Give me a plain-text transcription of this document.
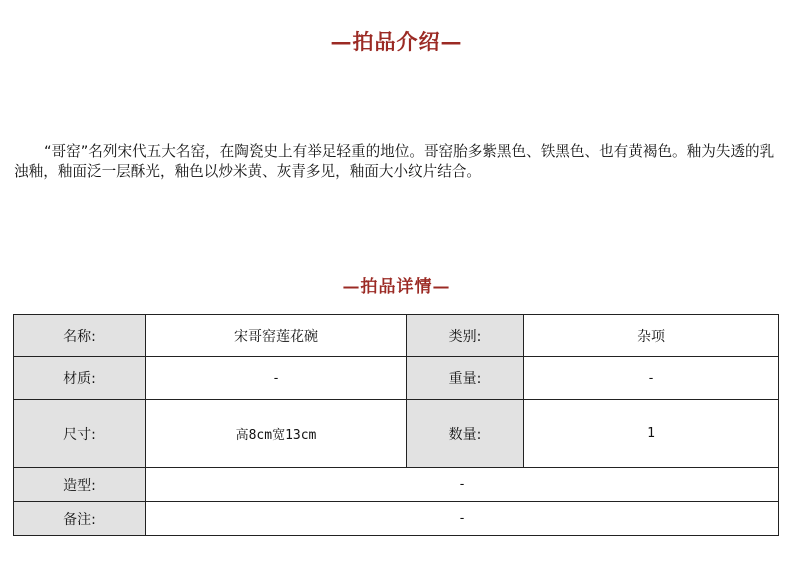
—拍品介绍—
“哥窑”名列宋代五大名窑，在陶瓷史上有举足轻重的地位。哥窑胎多紫黑色、铁黑色、也有黄褐色。釉为失透的乳浊釉，釉面泛一层酥光，釉色以炒米黄、灰青多见，釉面大小纹片结合。
—拍品详情—
名称:	宋哥窑莲花碗	类别:	杂项
材质:	-	重量:	-
尺寸:	高8cm宽13cm	数量:	1
造型:	-		
备注:	-		
